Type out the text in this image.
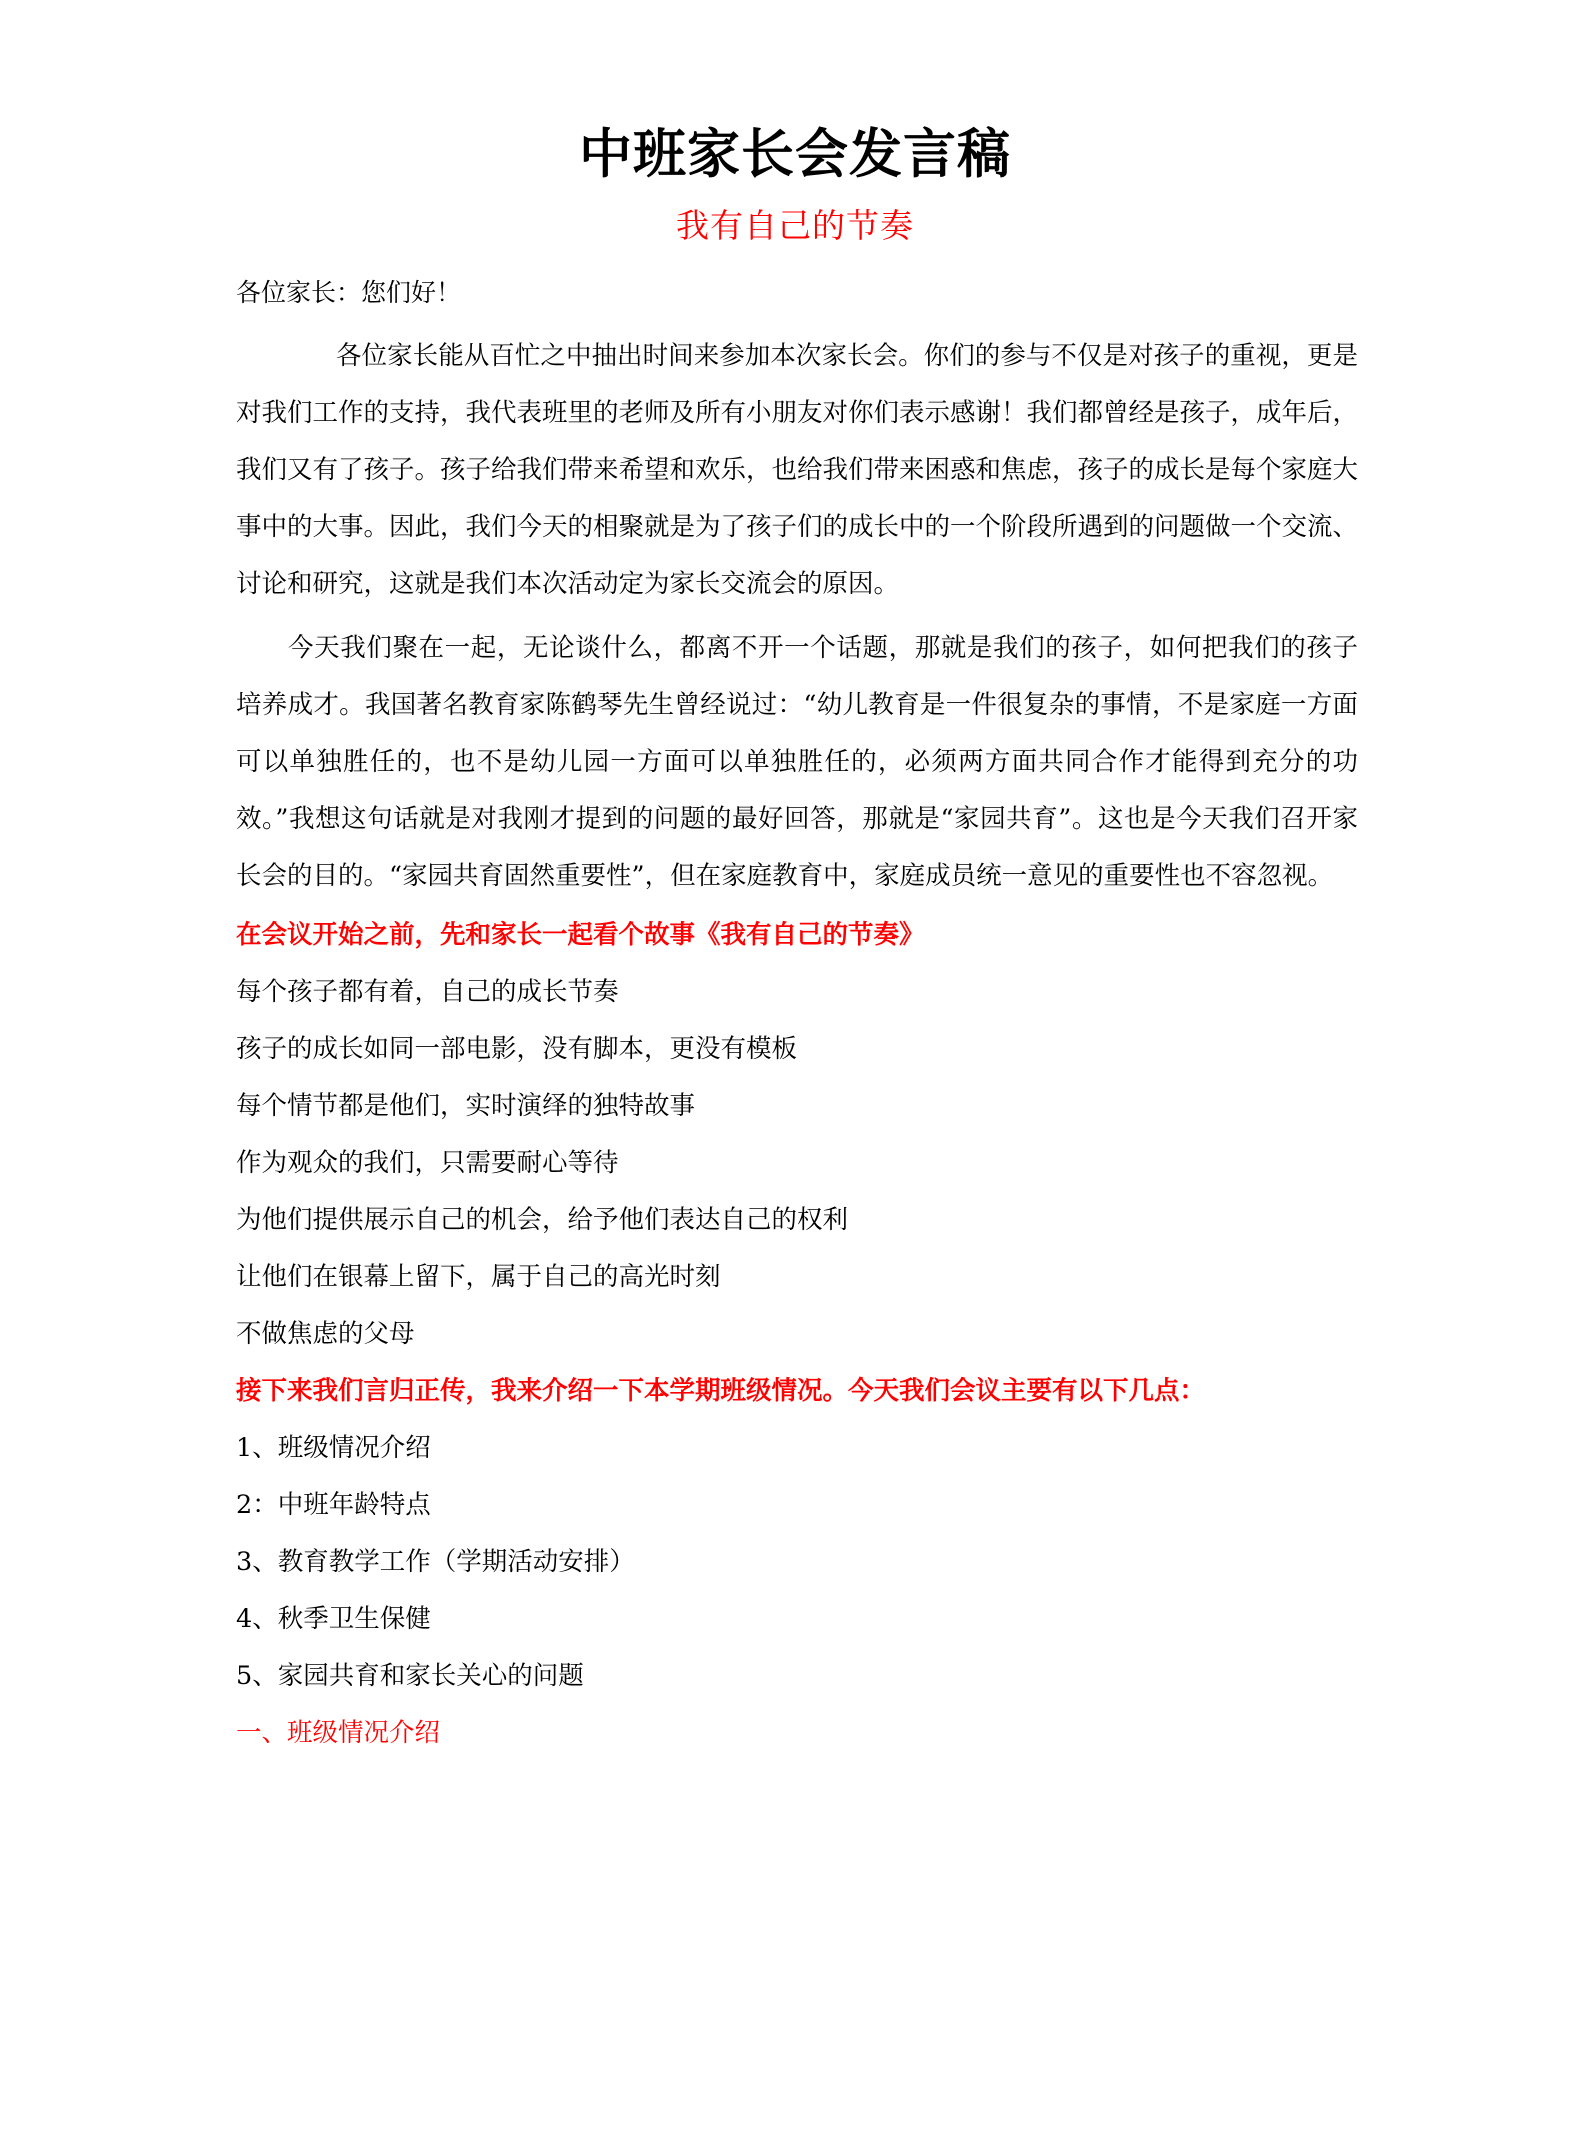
中班家长会发言稿
我有自己的节奏

各位家长：您们好！

各位家长能从百忙之中抽出时间来参加本次家长会。你们的参与不仅是对孩子的重视，更是对我们工作的支持，我代表班里的老师及所有小朋友对你们表示感谢！我们都曾经是孩子，成年后，我们又有了孩子。孩子给我们带来希望和欢乐，也给我们带来困惑和焦虑，孩子的成长是每个家庭大事中的大事。因此，我们今天的相聚就是为了孩子们的成长中的一个阶段所遇到的问题做一个交流、讨论和研究，这就是我们本次活动定为家长交流会的原因。

今天我们聚在一起，无论谈什么，都离不开一个话题，那就是我们的孩子，如何把我们的孩子培养成才。我国著名教育家陈鹤琴先生曾经说过：“幼儿教育是一件很复杂的事情，不是家庭一方面可以单独胜任的，也不是幼儿园一方面可以单独胜任的，必须两方面共同合作才能得到充分的功效。”我想这句话就是对我刚才提到的问题的最好回答，那就是“家园共育”。这也是今天我们召开家长会的目的。“家园共育固然重要性”，但在家庭教育中，家庭成员统一意见的重要性也不容忽视。

在会议开始之前，先和家长一起看个故事《我有自己的节奏》

每个孩子都有着，自己的成长节奏

孩子的成长如同一部电影，没有脚本，更没有模板

每个情节都是他们，实时演绎的独特故事

作为观众的我们，只需要耐心等待

为他们提供展示自己的机会，给予他们表达自己的权利

让他们在银幕上留下，属于自己的高光时刻

不做焦虑的父母

接下来我们言归正传，我来介绍一下本学期班级情况。今天我们会议主要有以下几点：

1、班级情况介绍
2：中班年龄特点
3、教育教学工作（学期活动安排）
4、秋季卫生保健
5、家园共育和家长关心的问题

一、班级情况介绍
